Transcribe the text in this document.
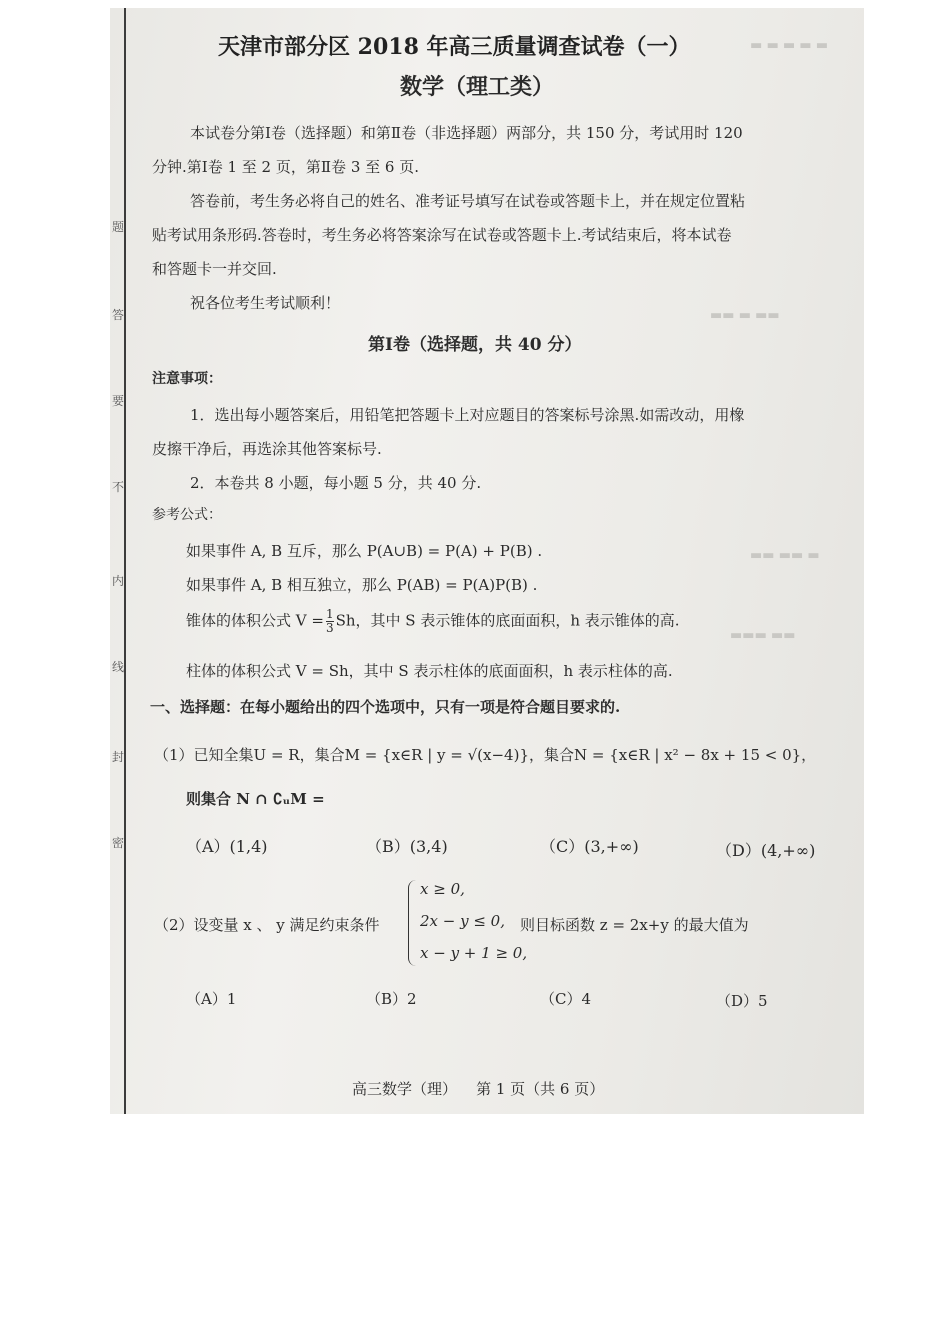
▬ ▬ ▬ ▬ ▬
▬▬ ▬ ▬▬
▬▬ ▬▬ ▬
▬▬▬ ▬▬
题
答
要
不
内
线
封
密
天津市部分区 2018 年高三质量调查试卷（一）
数学（理工类）
本试卷分第Ⅰ卷（选择题）和第Ⅱ卷（非选择题）两部分，共 150 分，考试用时 120
分钟.第Ⅰ卷 1 至 2 页，第Ⅱ卷 3 至 6 页.
答卷前，考生务必将自己的姓名、准考证号填写在试卷或答题卡上，并在规定位置粘
贴考试用条形码.答卷时，考生务必将答案涂写在试卷或答题卡上.考试结束后，将本试卷
和答题卡一并交回.
祝各位考生考试顺利！
第Ⅰ卷（选择题，共 40 分）
注意事项：
1．选出每小题答案后，用铅笔把答题卡上对应题目的答案标号涂黑.如需改动，用橡
皮擦干净后，再选涂其他答案标号.
2．本卷共 8 小题，每小题 5 分，共 40 分.
参考公式：
如果事件 A, B 互斥，那么 P(A∪B) = P(A) + P(B) .
如果事件 A, B 相互独立，那么 P(AB) = P(A)P(B) .
锥体的体积公式 $V = \frac{1}{3}$ Sh，其中 S 表示锥体的底面面积，h 表示锥体的高.
柱体的体积公式 V = Sh，其中 S 表示柱体的底面面积，h 表示柱体的高.
一、选择题：在每小题给出的四个选项中，只有一项是符合题目要求的.
（1）已知全集U = R，集合M = {x∈R | y = √(x−4)}，集合N = {x∈R | x² − 8x + 15 < 0}，
则集合 N ∩ ∁ᵤM =
（A）(1,4)	（B）(3,4)	（C）(3,+∞)	（D）(4,+∞)
（2）设变量 x 、 y 满足约束条件
x ≥ 0,
2x − y ≤ 0,
x − y + 1 ≥ 0,
则目标函数 z = 2x+y 的最大值为
（A）1	（B）2	（C）4	（D）5
高三数学（理）    第 1 页（共 6 页）
